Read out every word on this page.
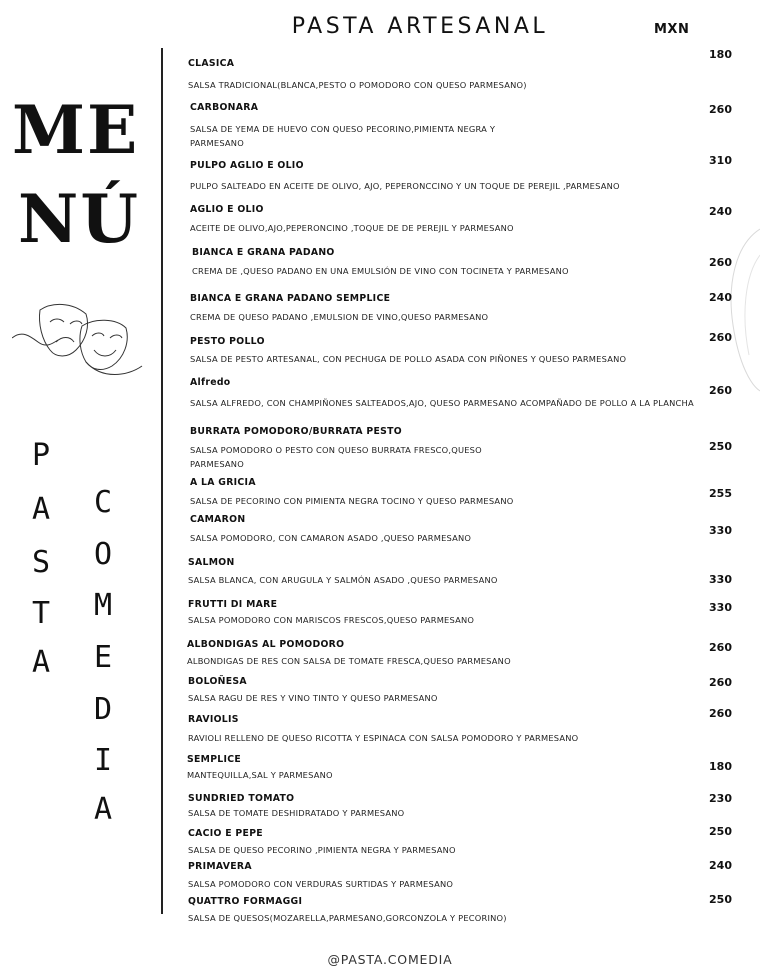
PASTA ARTESANAL	MXN
ME
NÚ
P
A
S
T
A
C
O
M
E
D
I
A
CLASICA
SALSA TRADICIONAL(BLANCA,PESTO O POMODORO CON QUESO PARMESANO)
180
CARBONARA
SALSA DE YEMA DE HUEVO CON QUESO PECORINO,PIMIENTA NEGRA Y PARMESANO
260
PULPO AGLIO E OLIO
PULPO SALTEADO EN ACEITE DE OLIVO, AJO, PEPERONCCINO Y UN TOQUE DE PEREJIL ,PARMESANO
310
AGLIO E OLIO
ACEITE DE OLIVO,AJO,PEPERONCINO ,TOQUE DE DE PEREJIL Y PARMESANO
240
BIANCA E GRANA PADANO
CREMA DE ,QUESO PADANO EN UNA EMULSIÓN DE VINO CON TOCINETA Y PARMESANO
260
BIANCA E GRANA PADANO SEMPLICE
CREMA DE QUESO PADANO ,EMULSION DE VINO,QUESO PARMESANO
240
PESTO POLLO
SALSA DE PESTO ARTESANAL, CON PECHUGA DE POLLO ASADA CON PIÑONES Y QUESO PARMESANO
260
Alfredo
SALSA ALFREDO, CON CHAMPIÑONES SALTEADOS,AJO, QUESO PARMESANO ACOMPAÑADO DE POLLO A LA PLANCHA
260
BURRATA POMODORO/BURRATA PESTO
SALSA POMODORO O PESTO CON QUESO BURRATA FRESCO,QUESO PARMESANO
250
A LA GRICIA
SALSA DE PECORINO CON PIMIENTA NEGRA TOCINO Y QUESO PARMESANO
255
CAMARON
SALSA POMODORO, CON CAMARON ASADO ,QUESO PARMESANO
330
SALMON
SALSA BLANCA, CON ARUGULA Y SALMÓN ASADO ,QUESO PARMESANO	330
FRUTTI DI MARE
SALSA POMODORO CON MARISCOS FRESCOS,QUESO PARMESANO
330
ALBONDIGAS AL POMODORO
ALBONDIGAS DE RES CON SALSA DE TOMATE FRESCA,QUESO PARMESANO
260
BOLOÑESA
SALSA RAGU DE RES Y VINO TINTO Y QUESO PARMESANO
260
RAVIOLIS
RAVIOLI RELLENO DE QUESO RICOTTA Y ESPINACA CON SALSA POMODORO Y PARMESANO
260
SEMPLICE
MANTEQUILLA,SAL Y PARMESANO
180
SUNDRIED TOMATO
SALSA DE TOMATE DESHIDRATADO Y PARMESANO
230
CACIO E PEPE
SALSA DE QUESO PECORINO ,PIMIENTA NEGRA Y PARMESANO
250
PRIMAVERA
SALSA POMODORO CON VERDURAS SURTIDAS Y PARMESANO
240
QUATTRO FORMAGGI
SALSA DE QUESOS(MOZARELLA,PARMESANO,GORCONZOLA Y PECORINO)
250
@PASTA.COMEDIA
